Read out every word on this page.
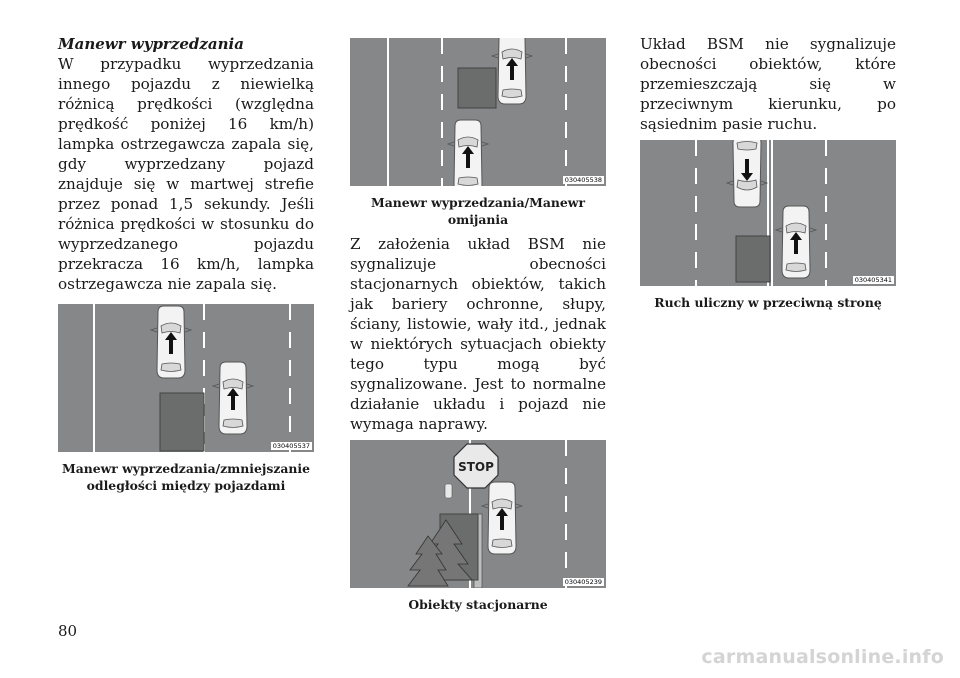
Manewr wyprzedzania

W przypadku wyprzedzania innego pojazdu z niewielką różnicą prędkości (względna prędkość poniżej 16 km/h) lampka ostrzegawcza zapala się, gdy wyprzedzany pojazd znajduje się w martwej strefie przez ponad 1,5 sekundy. Jeśli różnica prędkości w stosunku do wyprzedzanego pojazdu przekracza 16 km/h, lampka ostrzegawcza nie zapala się.

030405537

Manewr wyprzedzania/zmniejszanie
odległości między pojazdami

030405538

Manewr wyprzedzania/Manewr omijania

Z założenia układ BSM nie sygnalizuje obecności stacjonarnych obiektów, takich jak bariery ochronne, słupy, ściany, listowie, wały itd., jednak w niektórych sytuacjach obiekty tego typu mogą być sygnalizowane. Jest to normalne działanie układu i pojazd nie wymaga naprawy.

STOP
030405239

Obiekty stacjonarne

Układ BSM nie sygnalizuje obecności obiektów, które przemieszczają się w przeciwnym kierunku, po sąsiednim pasie ruchu.

030405341

Ruch uliczny w przeciwną stronę

80

carmanualsonline.info
